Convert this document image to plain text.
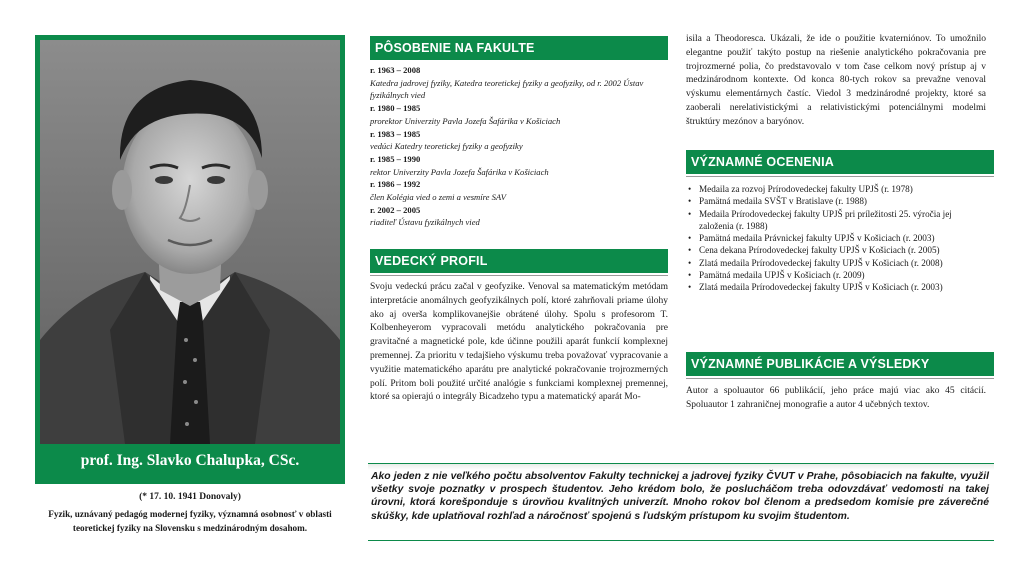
prof. Ing. Slavko Chalupka, CSc.
(* 17. 10. 1941 Donovaly)
Fyzik, uznávaný pedagóg modernej fyziky, významná osobnosť v oblasti teoretickej fyziky na Slovensku s medzinárodným dosahom.
PÔSOBENIE NA FAKULTE
r. 1963 – 2008
Katedra jadrovej fyziky, Katedra teoretickej fyziky a geofyziky, od r. 2002 Ústav fyzikálnych vied
r. 1980 – 1985
prorektor Univerzity Pavla Jozefa Šafárika v Košiciach
r. 1983 – 1985
vedúci Katedry teoretickej fyziky a geofyziky
r. 1985 – 1990
rektor Univerzity Pavla Jozefa Šafárika v Košiciach
r. 1986 – 1992
člen Kolégia vied o zemi a vesmíre SAV
r. 2002 – 2005
riaditeľ Ústavu fyzikálnych vied
VEDECKÝ PROFIL
Svoju vedeckú prácu začal v geofyzike. Venoval sa matematickým metódam interpretácie anomálnych geofyzikálnych polí, ktoré zahrňovali priame úlohy ako aj overša komplikovanejšie obrátené úlohy. Spolu s profesorom T. Kolbenheyerom vypracovali metódu analytického pokračovania pre gravitačné a magnetické pole, kde účinne použili aparát funkcií komplexnej premennej. Za prioritu v tedajšieho výskumu treba považovať vypracovanie a využitie matematického aparátu pre analytické pokračovanie trojrozmerných polí. Pritom boli použité určité analógie s funkciami komplexnej premennej, ktoré sa opierajú o integrály Bicadzeho typu a matematický aparát Mo-
isila a Theodoresca. Ukázali, že ide o použitie kvaterniónov. To umožnilo elegantne použiť takýto postup na riešenie analytického pokračovania pre trojrozmerné polia, čo predstavovalo v tom čase celkom nový prístup aj v medzinárodnom kontexte. Od konca 80-tych rokov sa prevažne venoval výskumu elementárnych častíc. Viedol 3 medzinárodné projekty, ktoré sa zaoberali nerelativistickými a relativistickými potenciálnymi modelmi štruktúry mezónov a baryónov.
VÝZNAMNÉ OCENENIA
• Medaila za rozvoj Prírodovedeckej fakulty UPJŠ (r. 1978)
• Pamätná medaila SVŠT v Bratislave (r. 1988)
• Medaila Prírodovedeckej fakulty UPJŠ pri príležitosti 25. výročia jej založenia (r. 1988)
• Pamätná medaila Právnickej fakulty UPJŠ v Košiciach (r. 2003)
• Cena dekana Prírodovedeckej fakulty UPJŠ v Košiciach (r. 2005)
• Zlatá medaila Prírodovedeckej fakulty UPJŠ v Košiciach (r. 2008)
• Pamätná medaila UPJŠ v Košiciach (r. 2009)
• Zlatá medaila Prírodovedeckej fakulty UPJŠ v Košiciach (r. 2003)
VÝZNAMNÉ PUBLIKÁCIE A VÝSLEDKY
Autor a spoluautor 66 publikácií, jeho práce majú viac ako 45 citácií. Spoluautor 1 zahraničnej monografie a autor 4 učebných textov.
Ako jeden z nie veľkého počtu absolventov Fakulty technickej a jadrovej fyziky ČVUT v Prahe, pôsobiacich na fakulte, využil všetky svoje poznatky v prospech študentov. Jeho krédom bolo, že poslucháčom treba odovzdávať vedomosti na takej úrovni, ktorá korešponduje s úrovňou kvalitných univerzít. Mnoho rokov bol členom a predsedom komisie pre záverečné skúšky, kde uplatňoval rozhľad a náročnosť spojenú s ľudským prístupom ku svojim študentom.
